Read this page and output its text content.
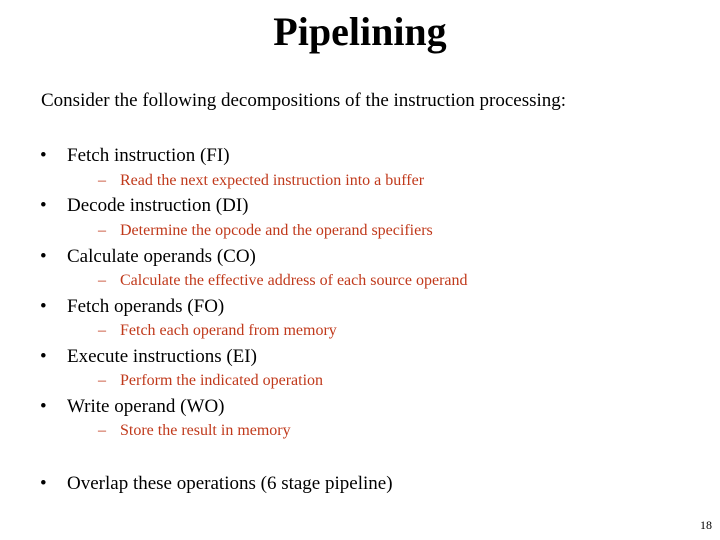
Pipelining
Consider the following decompositions of the instruction processing:
• Fetch instruction (FI)
– Read the next expected instruction into a buffer
• Decode instruction (DI)
– Determine the opcode and the operand specifiers
• Calculate operands (CO)
– Calculate the effective address of each source operand
• Fetch operands (FO)
– Fetch each operand from memory
• Execute instructions (EI)
– Perform the indicated operation
• Write operand (WO)
– Store the result in memory
• Overlap these operations (6 stage pipeline)
18
